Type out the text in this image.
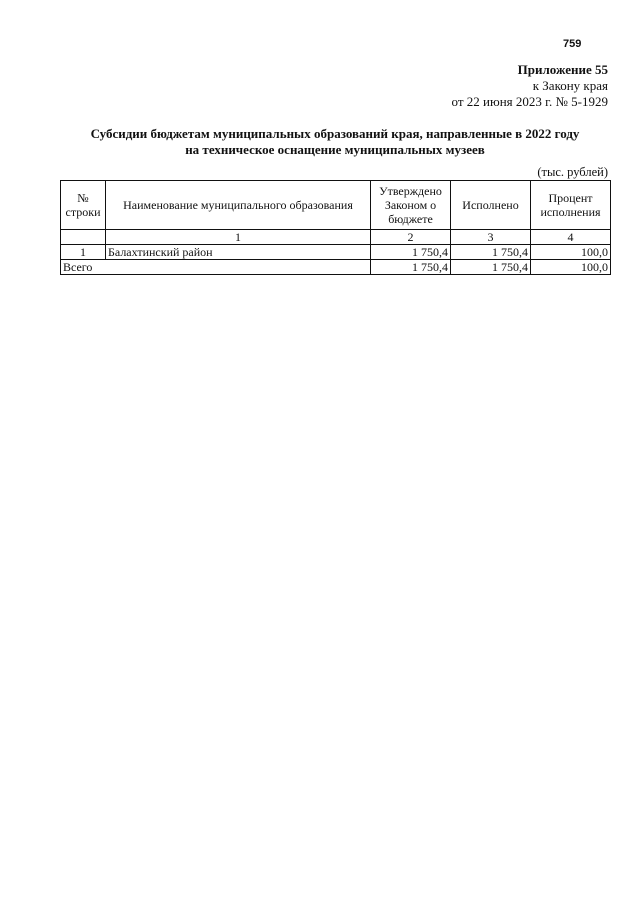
759
Приложение 55
к Закону края
от 22 июня 2023 г. № 5-1929
Субсидии бюджетам муниципальных образований края, направленные в 2022 году
на техническое оснащение муниципальных музеев
(тыс. рублей)
№ строки	Наименование муниципального образования	Утверждено Законом о бюджете	Исполнено	Процент исполнения
	1	2	3	4
1	Балахтинский район	1 750,4	1 750,4	100,0
Всего		1 750,4	1 750,4	100,0
